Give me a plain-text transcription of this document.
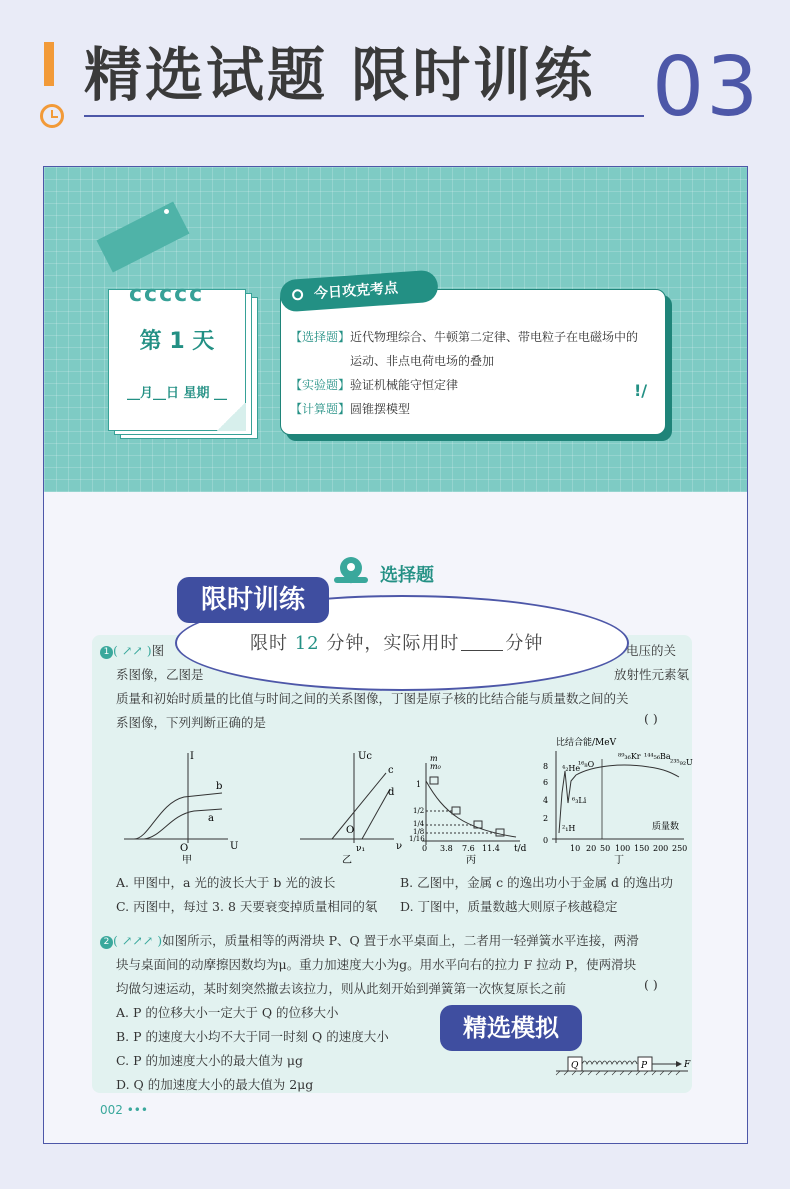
精选试题 限时训练 03
ccccc
第 1 天
__月__日 星期 __
今日攻克考点
【选择题】 近代物理综合、牛顿第二定律、带电粒子在电磁场中的
运动、非点电荷电场的叠加
【实验题】 验证机械能守恒定律
【计算题】 圆锥摆模型
!/
选择题
1 ( ↗↗ )图	电压的关
系图像，乙图是	放射性元素氡
质量和初始时质量的比值与时间之间的关系图像，丁图是原子核的比结合能与质量数之间的关
系图像，下列判断正确的是	( )
I
U
O
b
a
甲
Uc
ν
O
ν₁
c
d
乙
m
m₀
t/d
1
1/2
1/4
1/8
1/16
0 3.8 7.6 11.4
丙
比结合能/MeV
0
2
4
6
8
10 20 50 100 150 200 250
质量数
⁴₂He
¹⁶₈O
⁸⁹₃₆Kr ¹⁴⁴₅₆Ba
²³⁵₉₂U
⁶₃Li
²₁H
丁
A. 甲图中，a 光的波长大于 b 光的波长	B. 乙图中，金属 c 的逸出功小于金属 d 的逸出功
C. 丙图中，每过 3. 8 天要衰变掉质量相同的氡 D. 丁图中，质量数越大则原子核越稳定
2 ( ↗↗↗ )如图所示，质量相等的两滑块 P、Q 置于水平桌面上，二者用一轻弹簧水平连接，两滑
块与桌面间的动摩擦因数均为μ。重力加速度大小为g。用水平向右的拉力 F 拉动 P，使两滑块
均做匀速运动，某时刻突然撤去该拉力，则从此刻开始到弹簧第一次恢复原长之前	( )
A. P 的位移大小一定大于 Q 的位移大小
B. P 的速度大小均不大于同一时刻 Q 的速度大小
C. P 的加速度大小的最大值为 μg
D. Q 的加速度大小的最大值为 2μg
Q	P	F
限时 12 分钟，实际用时	分钟
限时训练
精选模拟
002 •••
